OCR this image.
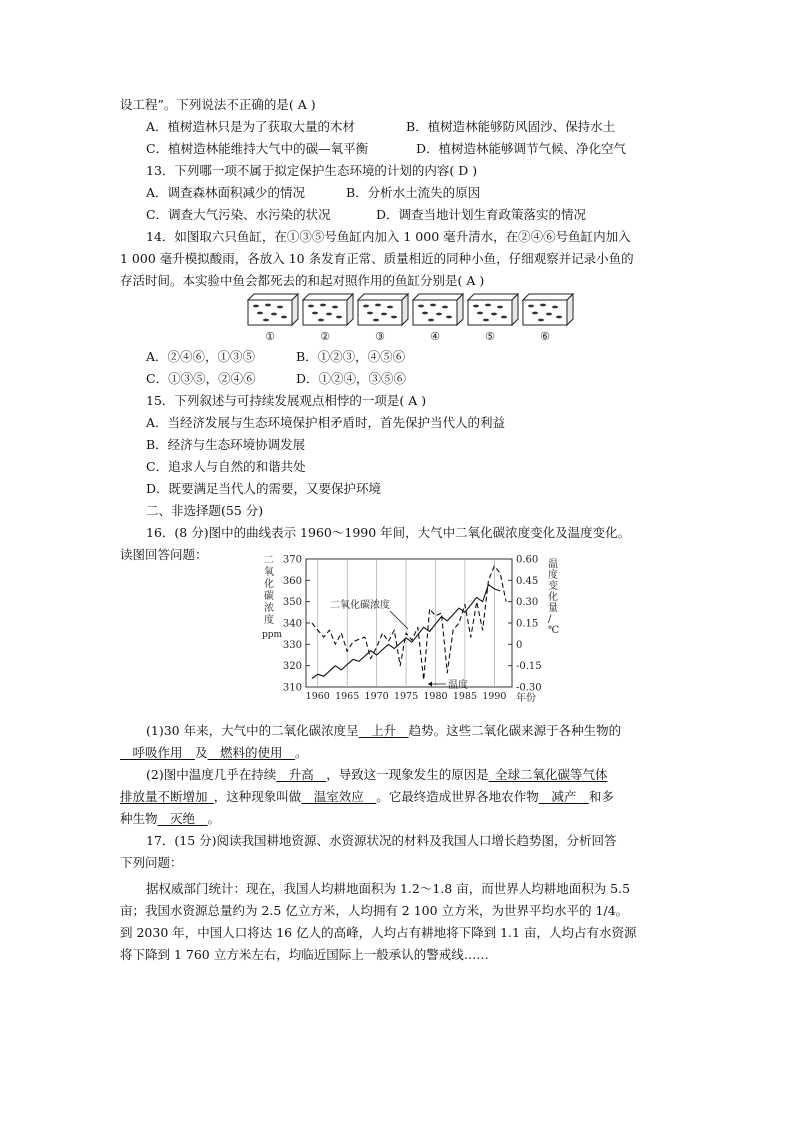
设工程”。下列说法不正确的是( A )
A．植树造林只是为了获取大量的木材	B．植树造林能够防风固沙、保持水土
C．植树造林能维持大气中的碳—氧平衡	D．植树造林能够调节气候、净化空气
13．下列哪一项不属于拟定保护生态环境的计划的内容( D )
A．调查森林面积减少的情况	B．分析水土流失的原因
C．调查大气污染、水污染的状况	D．调查当地计划生育政策落实的情况
14．如图取六只鱼缸，在①③⑤号鱼缸内加入 1 000 毫升清水，在②④⑥号鱼缸内加入
1 000 毫升模拟酸雨，各放入 10 条发育正常、质量相近的同种小鱼，仔细观察并记录小鱼的
存活时间。本实验中鱼会都死去的和起对照作用的鱼缸分别是( A )
①	②	③	④	⑤	⑥
A．②④⑥，①③⑤	B．①②③，④⑤⑥
C．①③⑤，②④⑥	D．①②④，③⑤⑥
15．下列叙述与可持续发展观点相悖的一项是( A )
A．当经济发展与生态环境保护相矛盾时，首先保护当代人的利益
B．经济与生态环境协调发展
C．追求人与自然的和谐共处
D．既要满足当代人的需要，又要保护环境
二、非选择题(55 分)
16．(8 分)图中的曲线表示 1960～1990 年间，大气中二氧化碳浓度变化及温度变化。
读图回答问题：
1960 1965 1970 1975 1980 1985 1990 年份
370
360
350
340
330
320
310
0.60
0.45
0.30
0.15
0
-0.15
-0.30
二氧化碳浓度
ppm
温度变化量/ ℃
二氧化碳浓度
温度
(1)30 年来，大气中的二氧化碳浓度呈  上升  趋势。这些二氧化碳来源于各种生物的
 呼吸作用  及  燃料的使用  。
(2)图中温度几乎在持续  升高  ，导致这一现象发生的原因是  全球二氧化碳等气体
排放量不断增加  ，这种现象叫做  温室效应  。它最终造成世界各地农作物  减产  和多
种生物  灭绝  。
17．(15 分)阅读我国耕地资源、水资源状况的材料及我国人口增长趋势图，分析回答
下列问题：
据权威部门统计：现在，我国人均耕地面积为 1.2～1.8 亩，而世界人均耕地面积为 5.5
亩；我国水资源总量约为 2.5 亿立方米，人均拥有 2 100 立方米，为世界平均水平的 1/4。
到 2030 年，中国人口将达 16 亿人的高峰，人均占有耕地将下降到 1.1 亩，人均占有水资源
将下降到 1 760 立方米左右，均临近国际上一般承认的警戒线……
